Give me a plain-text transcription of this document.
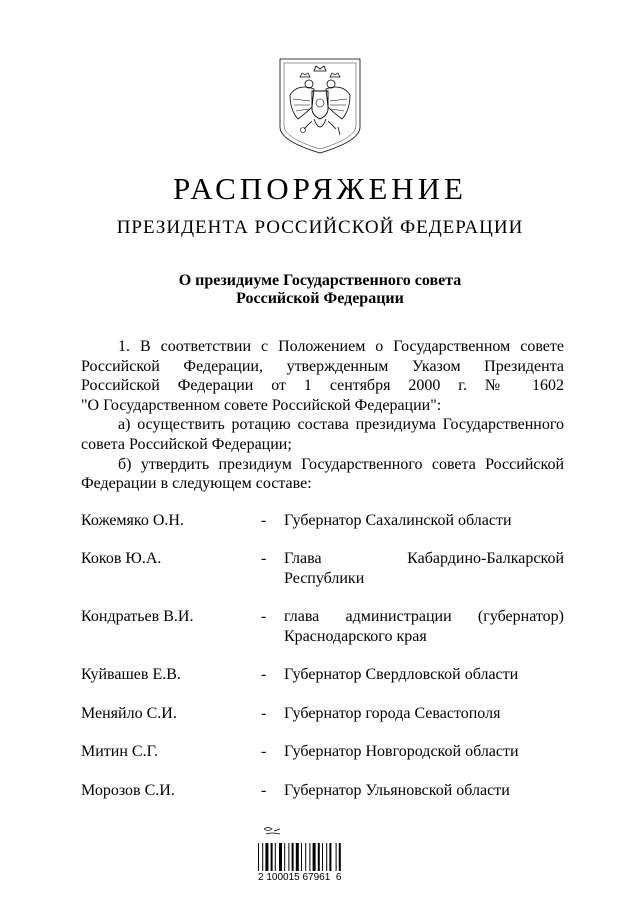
РАСПОРЯЖЕНИЕ
ПРЕЗИДЕНТА РОССИЙСКОЙ ФЕДЕРАЦИИ
О президиуме Государственного совета
Российской Федерации

1. В соответствии с Положением о Государственном совете

Российской Федерации, утвержденным Указом Президента

Российской Федерации от 1 сентября 2000 г. № 1602

"О Государственном совете Российской Федерации":

а) осуществить ротацию состава президиума Государственного

совета Российской Федерации;

б) утвердить президиум Государственного совета Российской

Федерации в следующем составе:

Кожемяко О.Н.	- Губернатор Сахалинской области
Коков Ю.А.	- Глава Кабардино-Балкарской Республики
Кондратьев В.И.	- глава администрации (губернатор) Краснодарского края
Куйвашев Е.В.	- Губернатор Свердловской области
Меняйло С.И.	- Губернатор города Севастополя
Митин С.Г.	- Губернатор Новгородской области
Морозов С.И.	- Губернатор Ульяновской области
2 100015 67961  6
